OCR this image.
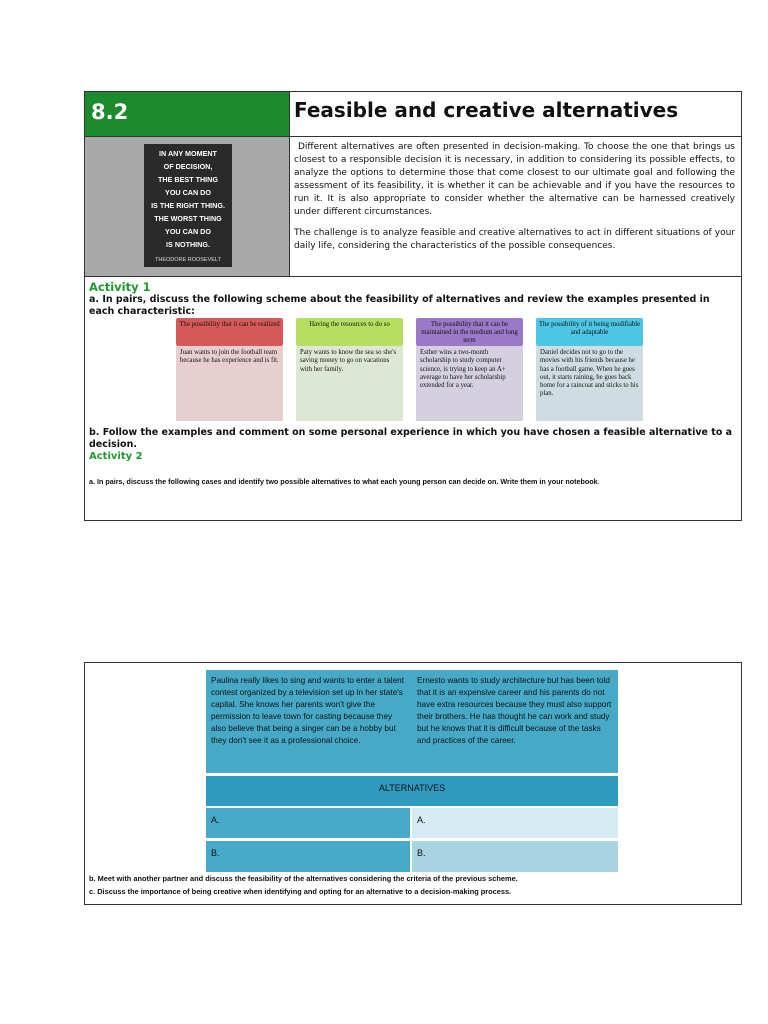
8.2	Feasible and creative alternatives
IN ANY MOMENT
OF DECISION,
THE BEST THING
YOU CAN DO
IS THE RIGHT THING.
THE WORST THING
YOU CAN DO
IS NOTHING.
THEODORE ROOSEVELT

Different alternatives are often presented in decision-making. To choose the one that brings us closest to a responsible decision it is necessary, in addition to considering its possible effects, to analyze the options to determine those that come closest to our ultimate goal and following the assessment of its feasibility, it is whether it can be achievable and if you have the resources to run it. It is also appropriate to consider whether the alternative can be harnessed creatively under different circumstances.

The challenge is to analyze feasible and creative alternatives to act in different situations of your daily life, considering the characteristics of the possible consequences.

Activity 1
a. In pairs, discuss the following scheme about the feasibility of alternatives and review the examples presented in each characteristic:
The possibility that it can be realized
Juan wants to join the football team because he has experience and is fit.
Having the resources to do so
Paty wants to know the sea so she's saving money to go on vacations with her family.
The possibility that it can be maintained in the medium and long term
Esther wins a two-month scholarship to study computer science, is trying to keep an A+ average to have her scholarship extended for a year.
The possibility of it being modifiable and adaptable
Daniel decides not to go to the movies with his friends because he has a football game. When he goes out, it starts raining, he goes back home for a raincoat and sticks to his plan.
b. Follow the examples and comment on some personal experience in which you have chosen a feasible alternative to a decision.
Activity 2
a. In pairs, discuss the following cases and identify two possible alternatives to what each young person can decide on. Write them in your notebook.
Paulina really likes to sing and wants to enter a talent contest organized by a television set up in her state's capital. She knows her parents won't give the permission to leave town for casting because they also believe that being a singer can be a hobby but they don't see it as a professional choice.
Ernesto wants to study architecture but has been told that it is an expensive career and his parents do not have extra resources because they must also support their brothers. He has thought he can work and study but he knows that it is difficult because of the tasks and practices of the career.
ALTERNATIVES
A.	A.
B.	B.
b. Meet with another partner and discuss the feasibility of the alternatives considering the criteria of the previous scheme.
c. Discuss the importance of being creative when identifying and opting for an alternative to a decision-making process.
